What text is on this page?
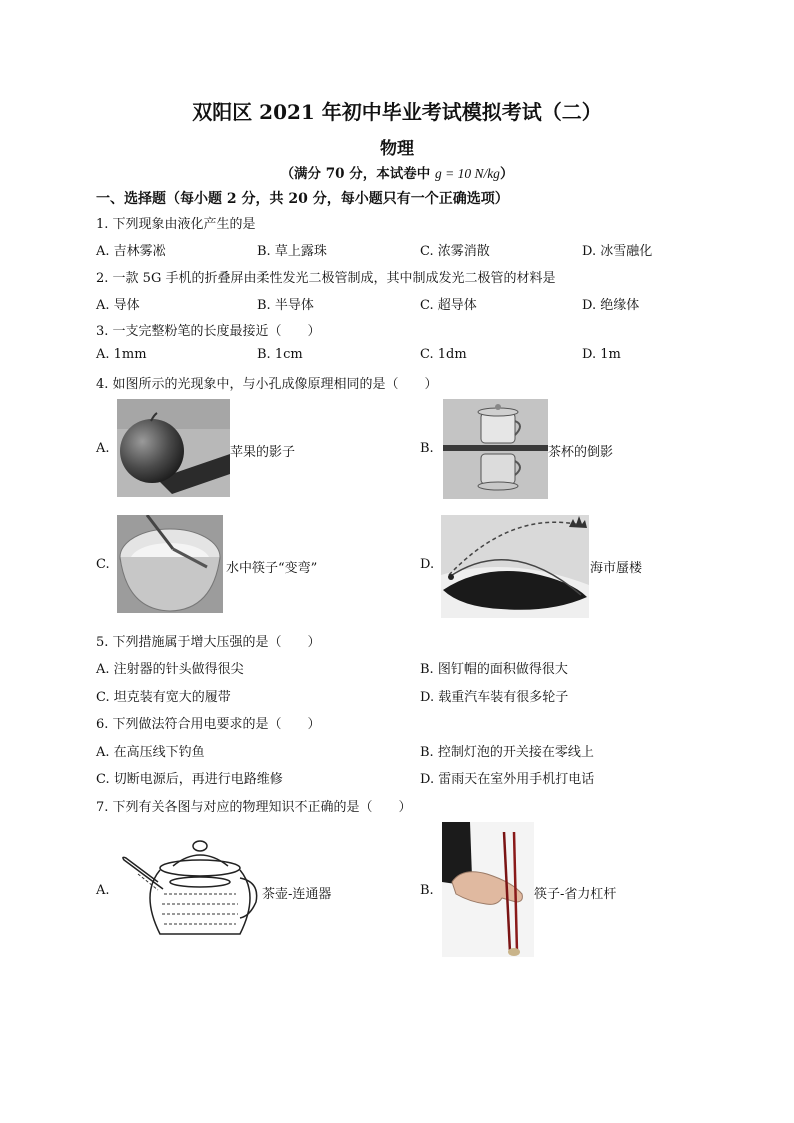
双阳区 2021 年初中毕业考试模拟考试（二）
物理
（满分 70 分，本试卷中 g = 10 N/kg）
一、选择题（每小题 2 分，共 20 分，每小题只有一个正确选项）
1. 下列现象由液化产生的是
A. 吉林雾凇	B. 草上露珠	C. 浓雾消散	D. 冰雪融化
2. 一款 5G 手机的折叠屏由柔性发光二极管制成，其中制成发光二极管的材料是
A. 导体	B. 半导体	C. 超导体	D. 绝缘体
3. 一支完整粉笔的长度最接近（　　）
A. 1mm	B. 1cm	C. 1dm	D. 1m
4. 如图所示的光现象中，与小孔成像原理相同的是（　　）
A.	苹果的影子	B.	茶杯的倒影
C.	水中筷子“变弯”	D.	海市蜃楼
5. 下列措施属于增大压强的是（　　）
A. 注射器的针头做得很尖	B. 图钉帽的面积做得很大
C. 坦克装有宽大的履带	D. 载重汽车装有很多轮子
6. 下列做法符合用电要求的是（　　）
A. 在高压线下钓鱼	B. 控制灯泡的开关接在零线上
C. 切断电源后，再进行电路维修	D. 雷雨天在室外用手机打电话
7. 下列有关各图与对应的物理知识不正确的是（　　）
A.	茶壶-连通器	B.	筷子-省力杠杆
